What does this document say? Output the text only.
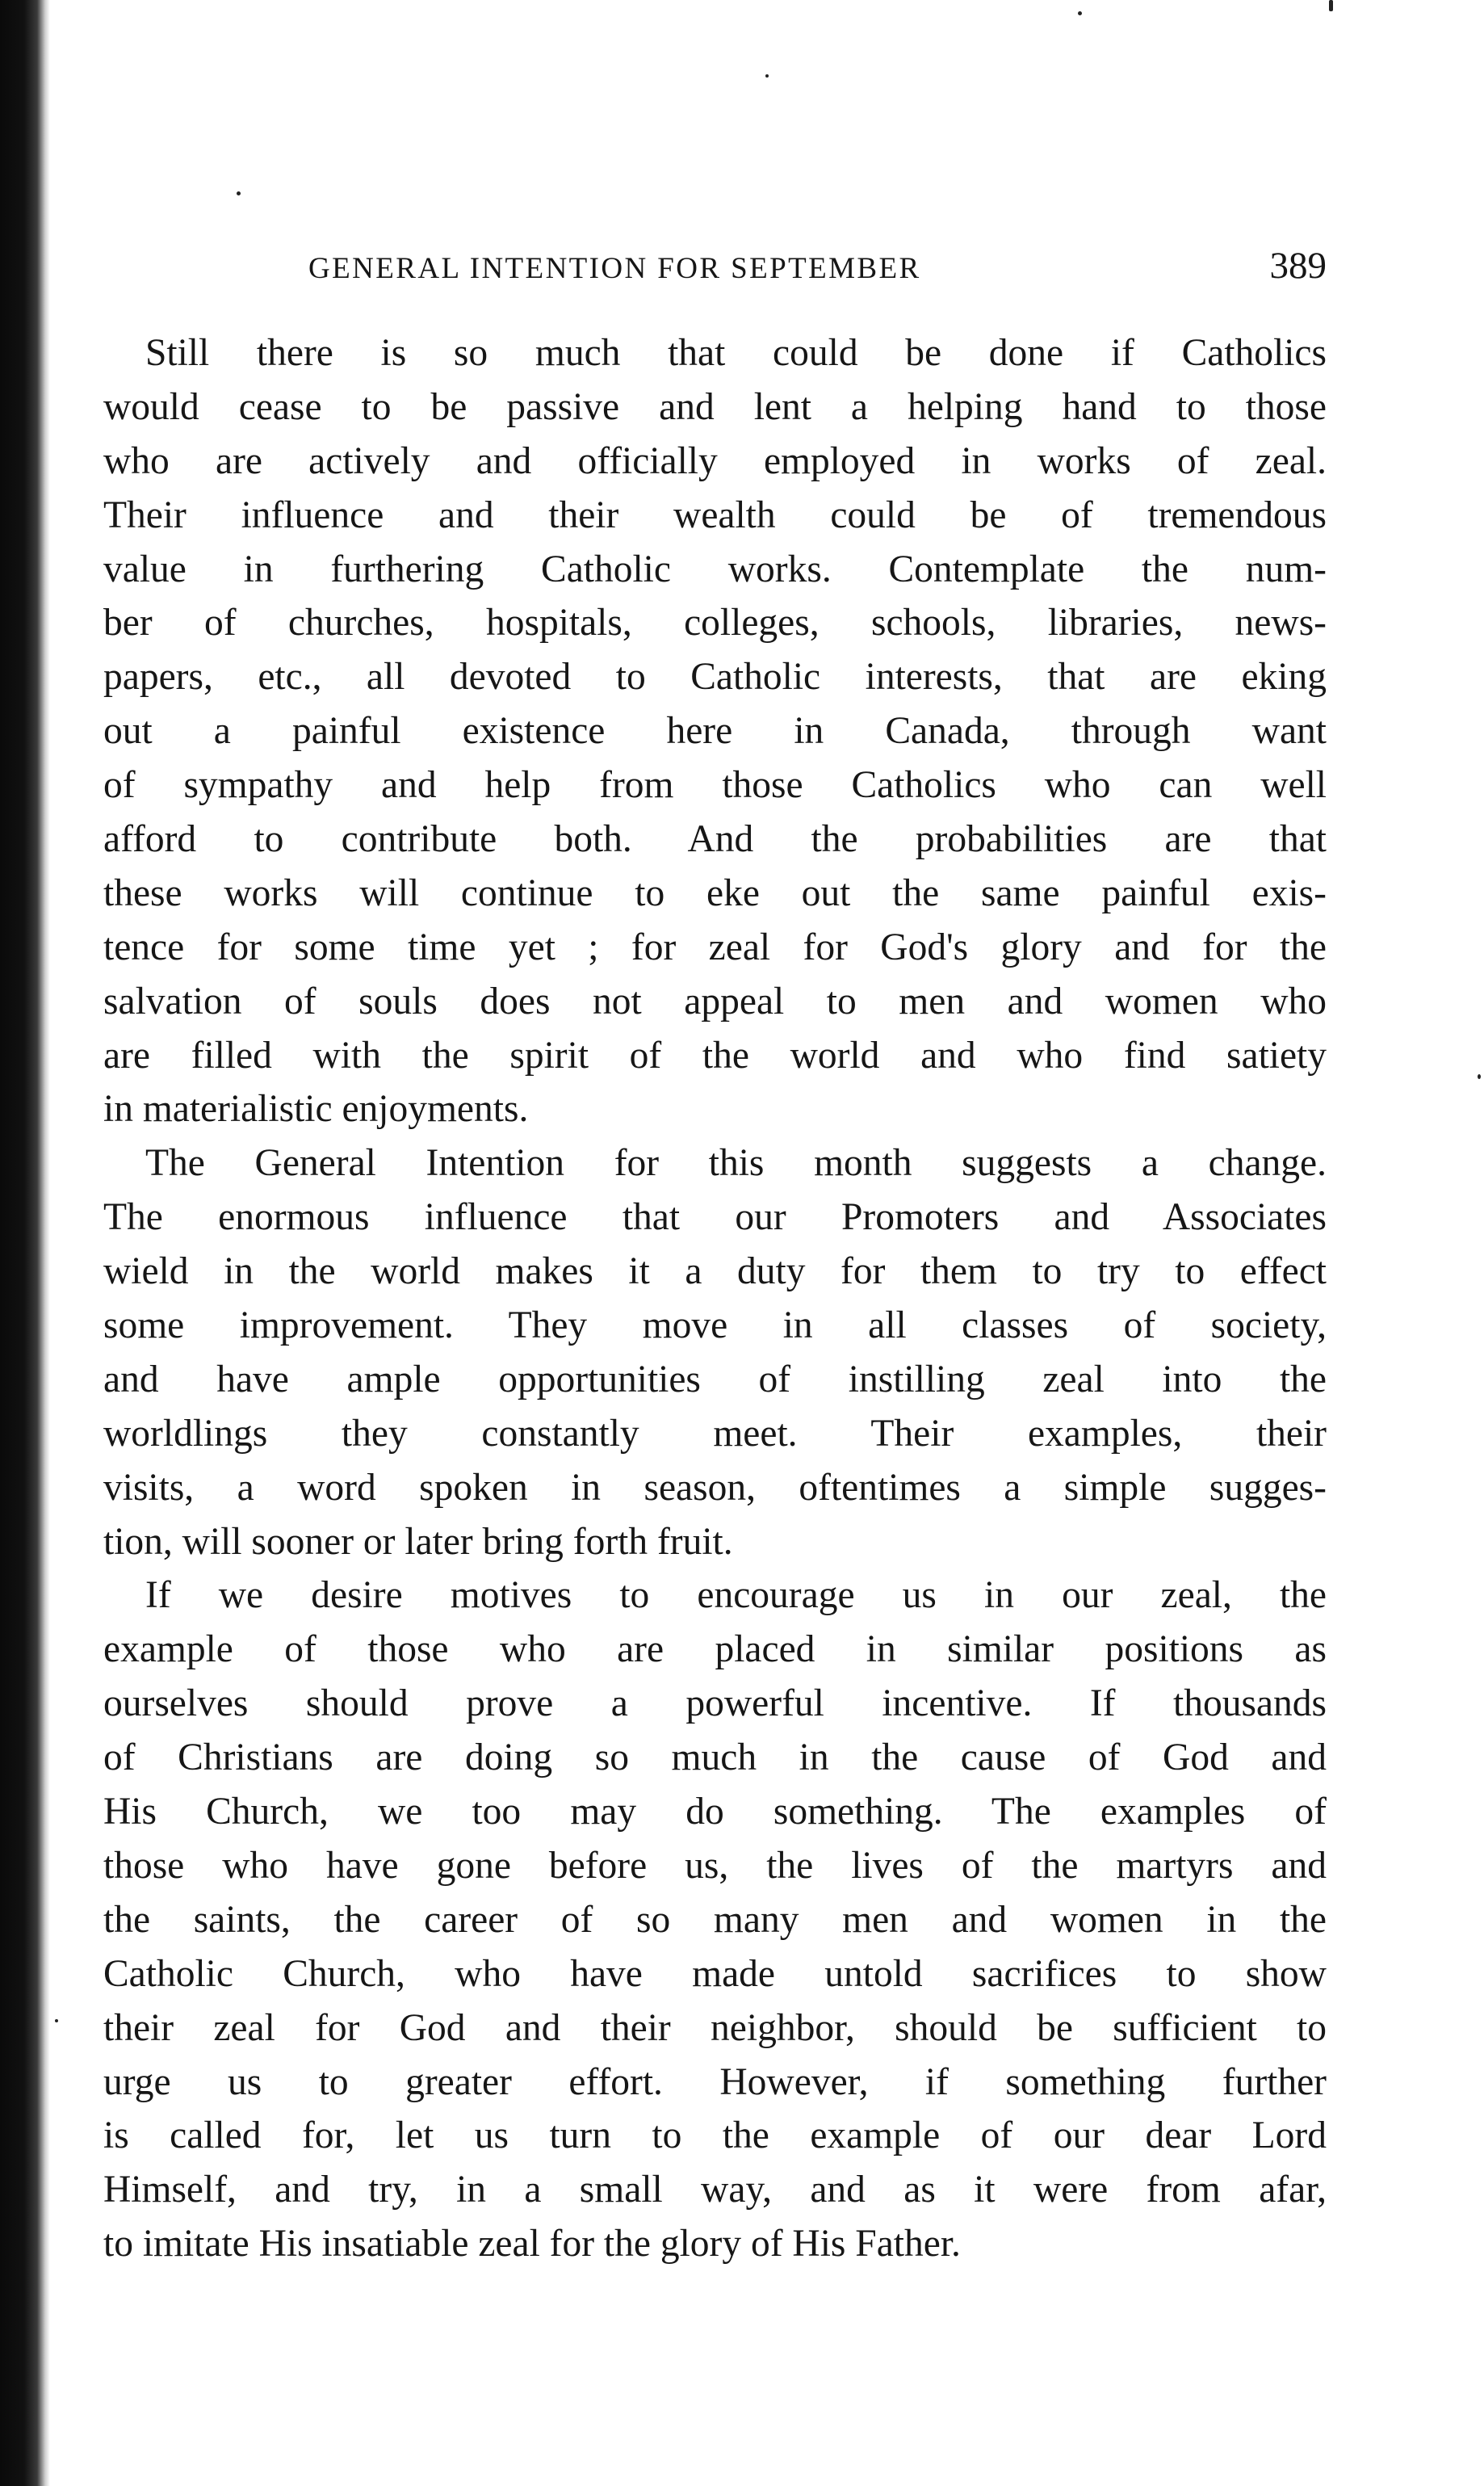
GENERAL INTENTION FOR SEPTEMBER	389
Still there is so much that could be done if Catholics
would cease to be passive and lent a helping hand to those
who are actively and officially employed in works of zeal.
Their influence and their wealth could be of tremendous
value in furthering Catholic works. Contemplate the num-
ber of churches, hospitals, colleges, schools, libraries, news-
papers, etc., all devoted to Catholic interests, that are eking
out a painful existence here in Canada, through want
of sympathy and help from those Catholics who can well
afford to contribute both. And the probabilities are that
these works will continue to eke out the same painful exis-
tence for some time yet ; for zeal for God's glory and for the
salvation of souls does not appeal to men and women who
are filled with the spirit of the world and who find satiety
in materialistic enjoyments.
The General Intention for this month suggests a change.
The enormous influence that our Promoters and Associates
wield in the world makes it a duty for them to try to effect
some improvement. They move in all classes of society,
and have ample opportunities of instilling zeal into the
worldlings they constantly meet. Their examples, their
visits, a word spoken in season, oftentimes a simple sugges-
tion, will sooner or later bring forth fruit.
If we desire motives to encourage us in our zeal, the
example of those who are placed in similar positions as
ourselves should prove a powerful incentive. If thousands
of Christians are doing so much in the cause of God and
His Church, we too may do something. The examples of
those who have gone before us, the lives of the martyrs and
the saints, the career of so many men and women in the
Catholic Church, who have made untold sacrifices to show
their zeal for God and their neighbor, should be sufficient to
urge us to greater effort. However, if something further
is called for, let us turn to the example of our dear Lord
Himself, and try, in a small way, and as it were from afar,
to imitate His insatiable zeal for the glory of His Father.
